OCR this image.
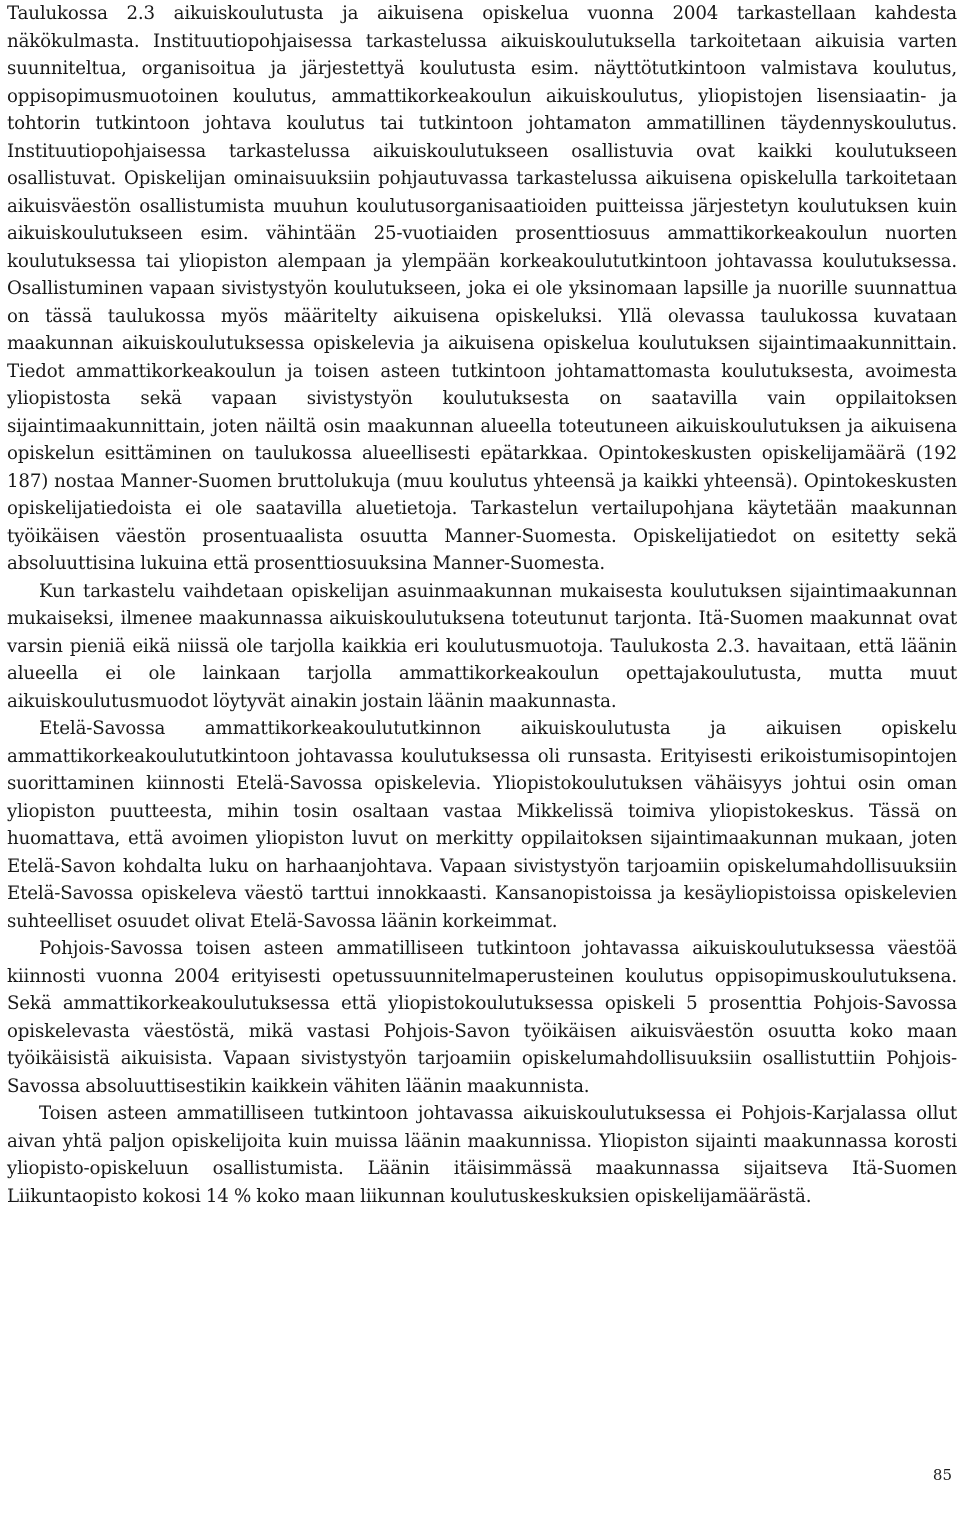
Taulukossa 2.3 aikuiskoulutusta ja aikuisena opiskelua vuonna 2004 tarkastellaan kahdesta näkökulmasta. Instituutiopohjaisessa tarkastelussa aikuiskoulutuksella tarkoitetaan aikuisia varten suunniteltua, organisoitua ja järjestettyä koulutusta esim. näyttötutkintoon valmistava koulutus, oppisopimusmuotoinen koulutus, ammattikorkeakoulun aikuiskoulutus, yliopistojen lisensiaatin- ja tohtorin tutkintoon johtava koulutus tai tutkintoon johtamaton ammatillinen täydennyskoulutus. Instituutiopohjaisessa tarkastelussa aikuiskoulutukseen osallistuvia ovat kaikki koulutukseen osallistuvat. Opiskelijan ominaisuuksiin pohjautuvassa tarkastelussa aikuisena opiskelulla tarkoitetaan aikuisväestön osallistumista muuhun koulutusorganisaatioiden puitteissa järjestetyn koulutuksen kuin aikuiskoulutukseen esim. vähintään 25-vuotiaiden prosenttiosuus ammattikorkeakoulun nuorten koulutuksessa tai yliopiston alempaan ja ylempään korkeakoulututkintoon johtavassa koulutuksessa. Osallistuminen vapaan sivistystyön koulutukseen, joka ei ole yksinomaan lapsille ja nuorille suunnattua on tässä taulukossa myös määritelty aikuisena opiskeluksi. Yllä olevassa taulukossa kuvataan maakunnan aikuiskoulutuksessa opiskelevia ja aikuisena opiskelua koulutuksen sijaintimaakunnittain. Tiedot ammattikorkeakoulun ja toisen asteen tutkintoon johtamattomasta koulutuksesta, avoimesta yliopistosta sekä vapaan sivistystyön koulutuksesta on saatavilla vain oppilaitoksen sijaintimaakunnittain, joten näiltä osin maakunnan alueella toteutuneen aikuiskoulutuksen ja aikuisena opiskelun esittäminen on taulukossa alueellisesti epätarkkaa. Opintokeskusten opiskelijamäärä (192 187) nostaa Manner-Suomen bruttolukuja (muu koulutus yhteensä ja kaikki yhteensä). Opintokeskusten opiskelijatiedoista ei ole saatavilla aluetietoja. Tarkastelun vertailupohjana käytetään maakunnan työikäisen väestön prosentuaalista osuutta Manner-Suomesta. Opiskelijatiedot on esitetty sekä absoluuttisina lukuina että prosenttiosuuksina Manner-Suomesta.

Kun tarkastelu vaihdetaan opiskelijan asuinmaakunnan mukaisesta koulutuksen sijaintimaakunnan mukaiseksi, ilmenee maakunnassa aikuiskoulutuksena toteutunut tarjonta. Itä-Suomen maakunnat ovat varsin pieniä eikä niissä ole tarjolla kaikkia eri koulutusmuotoja. Taulukosta 2.3. havaitaan, että läänin alueella ei ole lainkaan tarjolla ammattikorkeakoulun opettajakoulutusta, mutta muut aikuiskoulutusmuodot löytyvät ainakin jostain läänin maakunnasta.

Etelä-Savossa ammattikorkeakoulututkinnon aikuiskoulutusta ja aikuisen opiskelu ammattikorkeakoulututkintoon johtavassa koulutuksessa oli runsasta. Erityisesti erikoistumisopintojen suorittaminen kiinnosti Etelä-Savossa opiskelevia. Yliopistokoulutuksen vähäisyys johtui osin oman yliopiston puutteesta, mihin tosin osaltaan vastaa Mikkelissä toimiva yliopistokeskus. Tässä on huomattava, että avoimen yliopiston luvut on merkitty oppilaitoksen sijaintimaakunnan mukaan, joten Etelä-Savon kohdalta luku on harhaanjohtava. Vapaan sivistystyön tarjoamiin opiskelumahdollisuuksiin Etelä-Savossa opiskeleva väestö tarttui innokkaasti. Kansanopistoissa ja kesäyliopistoissa opiskelevien suhteelliset osuudet olivat Etelä-Savossa läänin korkeimmat.

Pohjois-Savossa toisen asteen ammatilliseen tutkintoon johtavassa aikuiskoulutuksessa väestöä kiinnosti vuonna 2004 erityisesti opetussuunnitelmaperusteinen koulutus oppisopimuskoulutuksena. Sekä ammattikorkeakoulutuksessa että yliopistokoulutuksessa opiskeli 5 prosenttia Pohjois-Savossa opiskelevasta väestöstä, mikä vastasi Pohjois-Savon työikäisen aikuisväestön osuutta koko maan työikäisistä aikuisista. Vapaan sivistystyön tarjoamiin opiskelumahdollisuuksiin osallistuttiin Pohjois-Savossa absoluuttisestikin kaikkein vähiten läänin maakunnista.

Toisen asteen ammatilliseen tutkintoon johtavassa aikuiskoulutuksessa ei Pohjois-Karjalassa ollut aivan yhtä paljon opiskelijoita kuin muissa läänin maakunnissa. Yliopiston sijainti maakunnassa korosti yliopisto-opiskeluun osallistumista. Läänin itäisimmässä maakunnassa sijaitseva Itä-Suomen Liikuntaopisto kokosi 14 % koko maan liikunnan koulutuskeskuksien opiskelijamäärästä.

85
